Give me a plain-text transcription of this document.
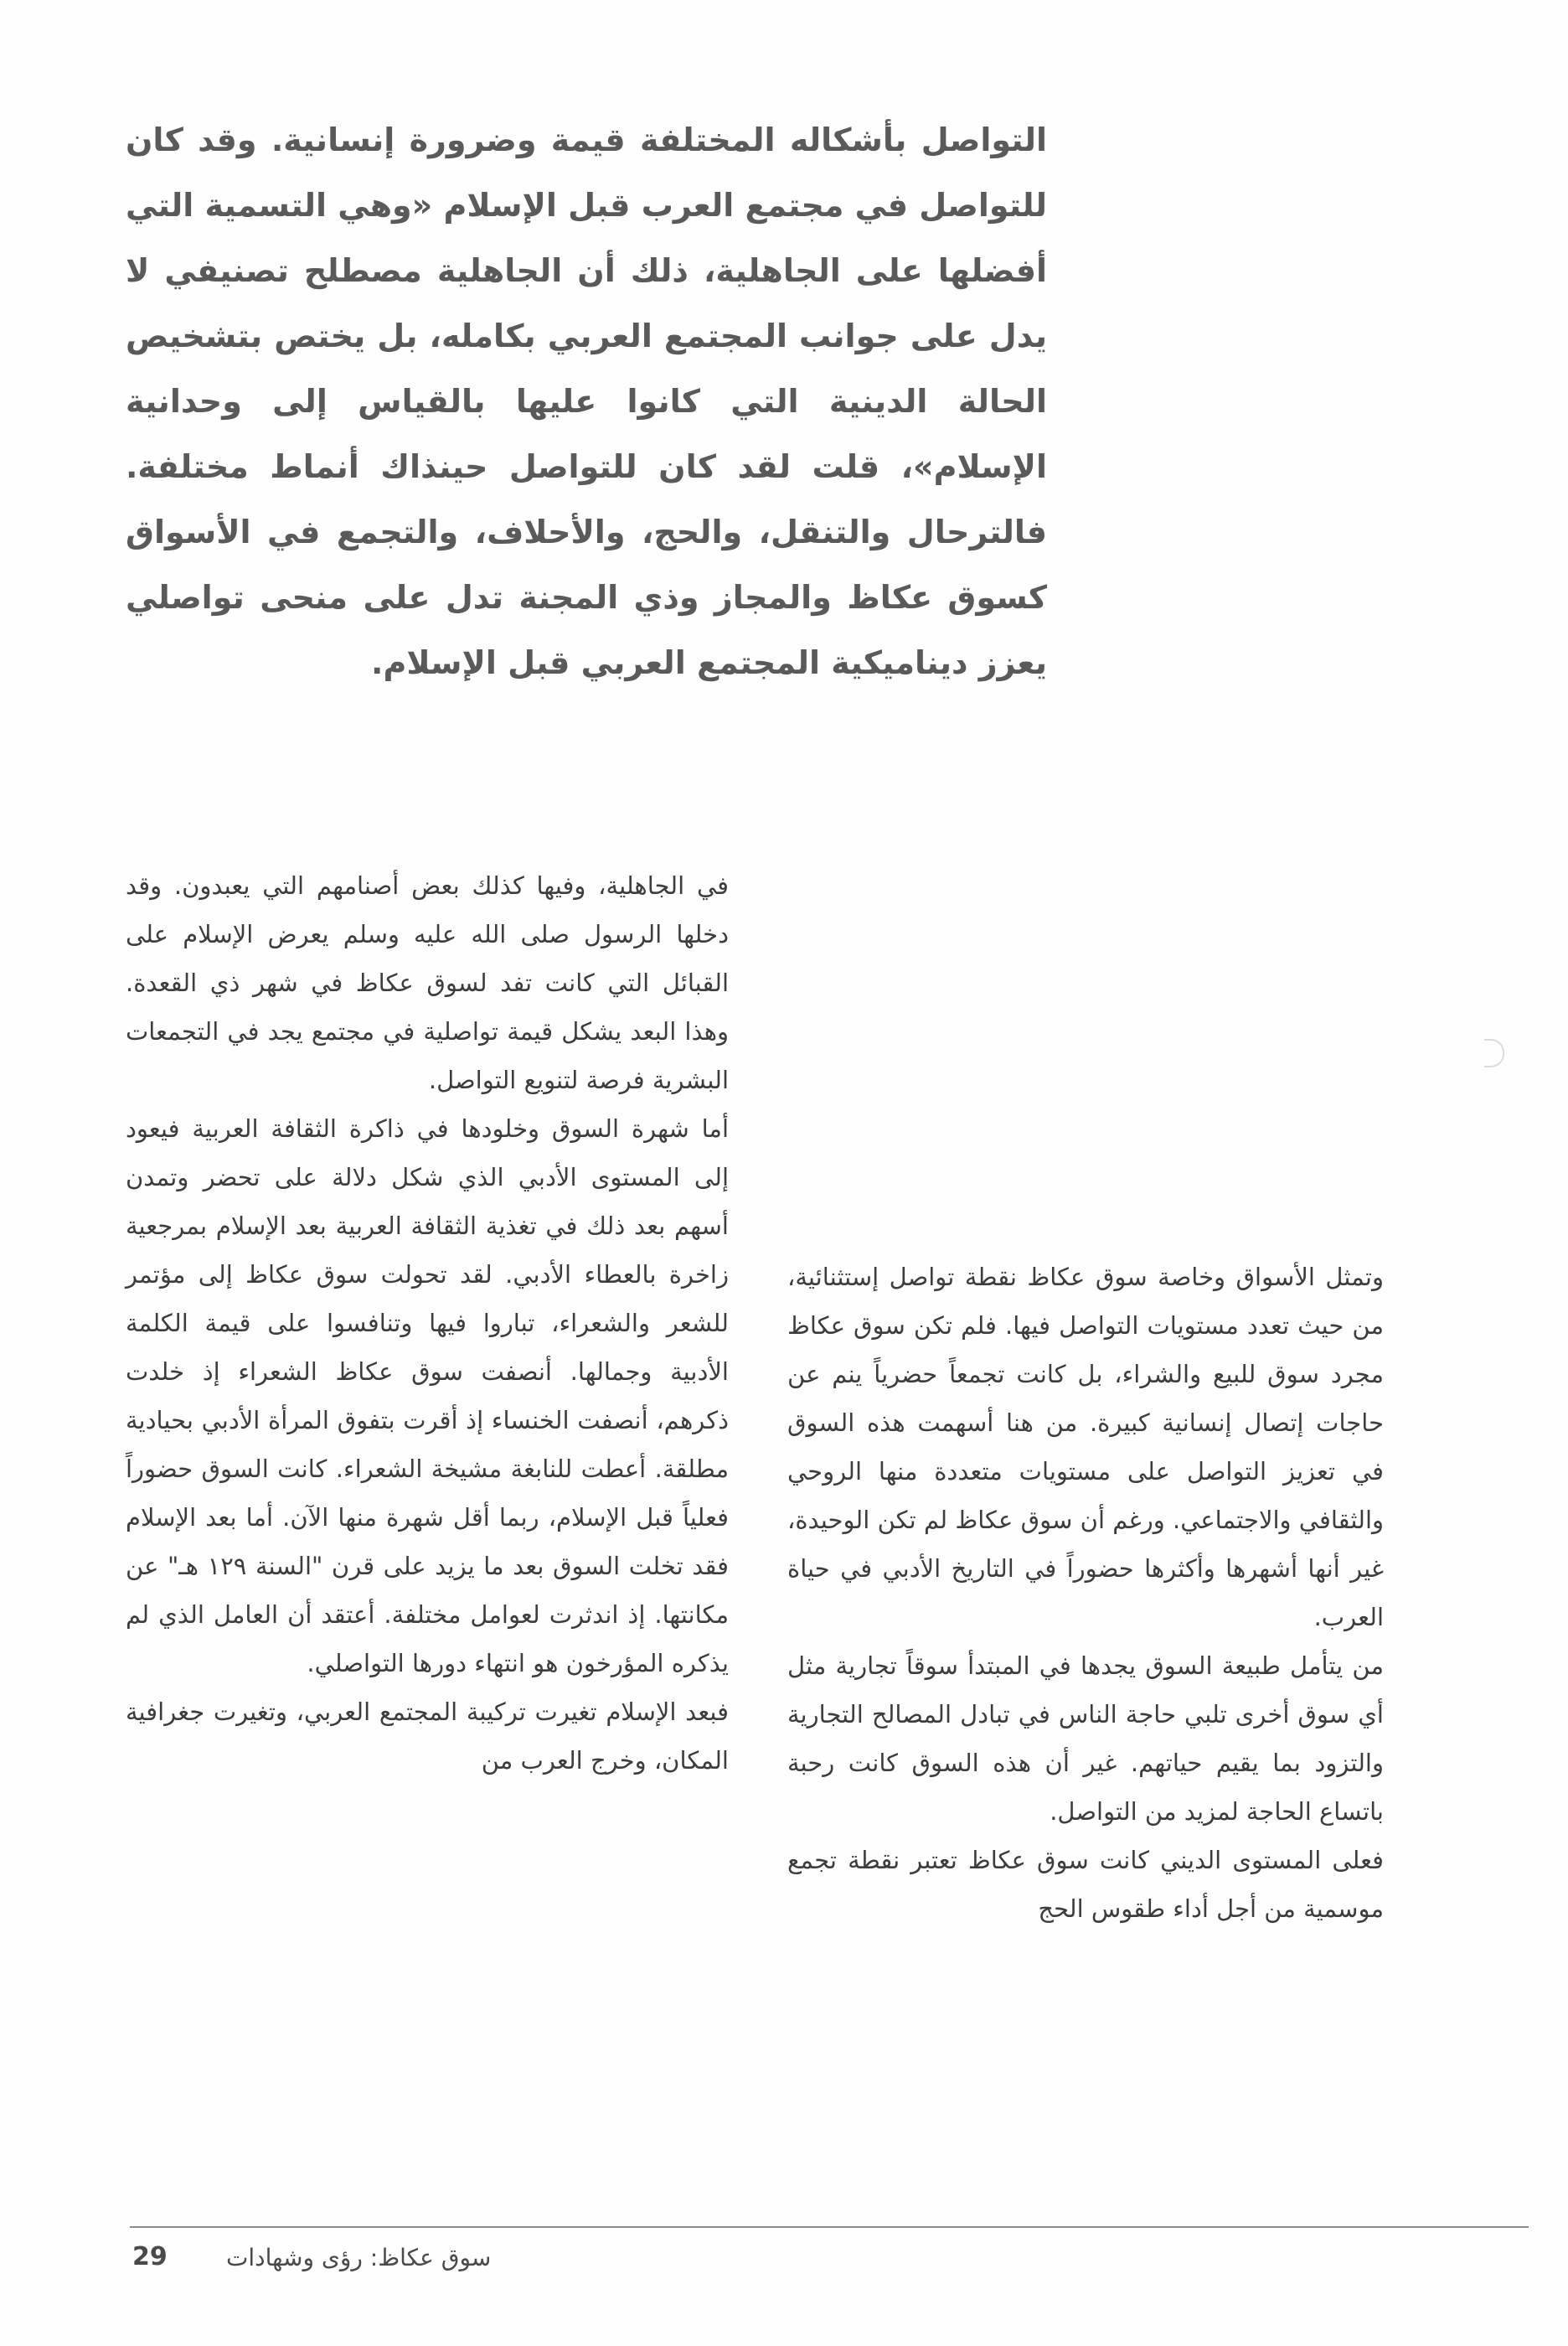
التواصل بأشكاله المختلفة قيمة وضرورة إنسانية. وقد كان للتواصل في مجتمع العرب قبل الإسلام «وهي التسمية التي أفضلها على الجاهلية، ذلك أن الجاهلية مصطلح تصنيفي لا يدل على جوانب المجتمع العربي بكامله، بل يختص بتشخيص الحالة الدينية التي كانوا عليها بالقياس إلى وحدانية الإسلام»، قلت لقد كان للتواصل حينذاك أنماط مختلفة. فالترحال والتنقل، والحج، والأحلاف، والتجمع في الأسواق كسوق عكاظ والمجاز وذي المجنة تدل على منحى تواصلي يعزز ديناميكية المجتمع العربي قبل الإسلام.

في الجاهلية، وفيها كذلك بعض أصنامهم التي يعبدون. وقد دخلها الرسول صلى الله عليه وسلم يعرض الإسلام على القبائل التي كانت تفد لسوق عكاظ في شهر ذي القعدة. وهذا البعد يشكل قيمة تواصلية في مجتمع يجد في التجمعات البشرية فرصة لتنويع التواصل.

أما شهرة السوق وخلودها في ذاكرة الثقافة العربية فيعود إلى المستوى الأدبي الذي شكل دلالة على تحضر وتمدن أسهم بعد ذلك في تغذية الثقافة العربية بعد الإسلام بمرجعية زاخرة بالعطاء الأدبي. لقد تحولت سوق عكاظ إلى مؤتمر للشعر والشعراء، تباروا فيها وتنافسوا على قيمة الكلمة الأدبية وجمالها. أنصفت سوق عكاظ الشعراء إذ خلدت ذكرهم، أنصفت الخنساء إذ أقرت بتفوق المرأة الأدبي بحيادية مطلقة. أعطت للنابغة مشيخة الشعراء. كانت السوق حضوراً فعلياً قبل الإسلام، ربما أقل شهرة منها الآن. أما بعد الإسلام فقد تخلت السوق بعد ما يزيد على قرن "السنة ١٢٩ هـ" عن مكانتها. إذ اندثرت لعوامل مختلفة. أعتقد أن العامل الذي لم يذكره المؤرخون هو انتهاء دورها التواصلي.

فبعد الإسلام تغيرت تركيبة المجتمع العربي، وتغيرت جغرافية المكان، وخرج العرب من

وتمثل الأسواق وخاصة سوق عكاظ نقطة تواصل إستثنائية، من حيث تعدد مستويات التواصل فيها. فلم تكن سوق عكاظ مجرد سوق للبيع والشراء، بل كانت تجمعاً حضرياً ينم عن حاجات إتصال إنسانية كبيرة. من هنا أسهمت هذه السوق في تعزيز التواصل على مستويات متعددة منها الروحي والثقافي والاجتماعي. ورغم أن سوق عكاظ لم تكن الوحيدة، غير أنها أشهرها وأكثرها حضوراً في التاريخ الأدبي في حياة العرب.

من يتأمل طبيعة السوق يجدها في المبتدأ سوقاً تجارية مثل أي سوق أخرى تلبي حاجة الناس في تبادل المصالح التجارية والتزود بما يقيم حياتهم. غير أن هذه السوق كانت رحبة باتساع الحاجة لمزيد من التواصل.

فعلى المستوى الديني كانت سوق عكاظ تعتبر نقطة تجمع موسمية من أجل أداء طقوس الحج

29	سوق عكاظ: رؤى وشهادات
